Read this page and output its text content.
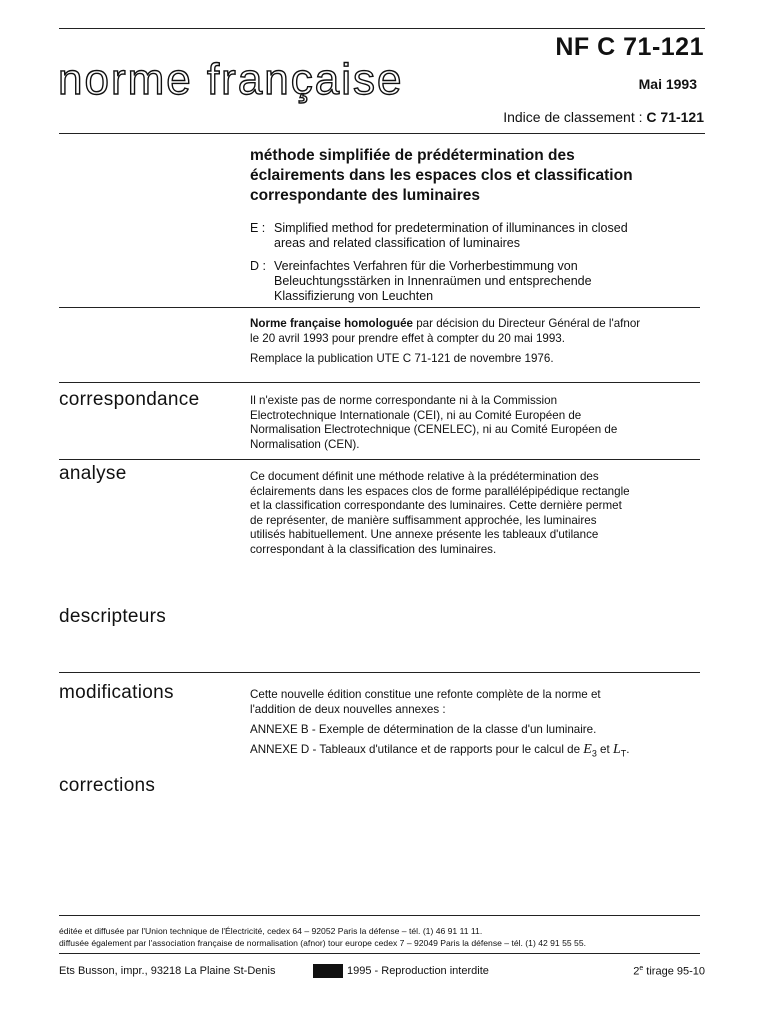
norme française
NF C 71-121
Mai 1993
Indice de classement : C 71-121
méthode simplifiée de prédétermination des
éclairements dans les espaces clos et classification
correspondante des luminaires
E : Simplified method for predetermination of illuminances in closed
areas and related classification of luminaires
D : Vereinfachtes Verfahren für die Vorherbestimmung von
Beleuchtungsstärken in Innenraümen und entsprechende
Klassifizierung von Leuchten
Norme française homologuée par décision du Directeur Général de l'afnor
le 20 avril 1993 pour prendre effet à compter du 20 mai 1993.
Remplace la publication UTE C 71-121 de novembre 1976.
correspondance	Il n'existe pas de norme correspondante ni à la Commission
Electrotechnique Internationale (CEI), ni au Comité Européen de
Normalisation Electrotechnique (CENELEC), ni au Comité Européen de
Normalisation (CEN).
analyse	Ce document définit une méthode relative à la prédétermination des
éclairements dans les espaces clos de forme parallélépipédique rectangle
et la classification correspondante des luminaires. Cette dernière permet
de représenter, de manière suffisamment approchée, les luminaires
utilisés habituellement. Une annexe présente les tableaux d'utilance
correspondant à la classification des luminaires.
descripteurs
modifications	Cette nouvelle édition constitue une refonte complète de la norme et
l'addition de deux nouvelles annexes :
ANNEXE B - Exemple de détermination de la classe d'un luminaire.
ANNEXE D - Tableaux d'utilance et de rapports pour le calcul de $E_3$ et $L_T$.
corrections
éditée et diffusée par l'Union technique de l'Électricité, cedex 64 – 92052 Paris la défense – tél. (1) 46 91 11 11.
diffusée également par l'association française de normalisation (afnor) tour europe cedex 7 – 92049 Paris la défense – tél. (1) 42 91 55 55.
Ets Busson, impr., 93218 La Plaine St-Denis	1995 - Reproduction interdite	2e tirage 95-10
